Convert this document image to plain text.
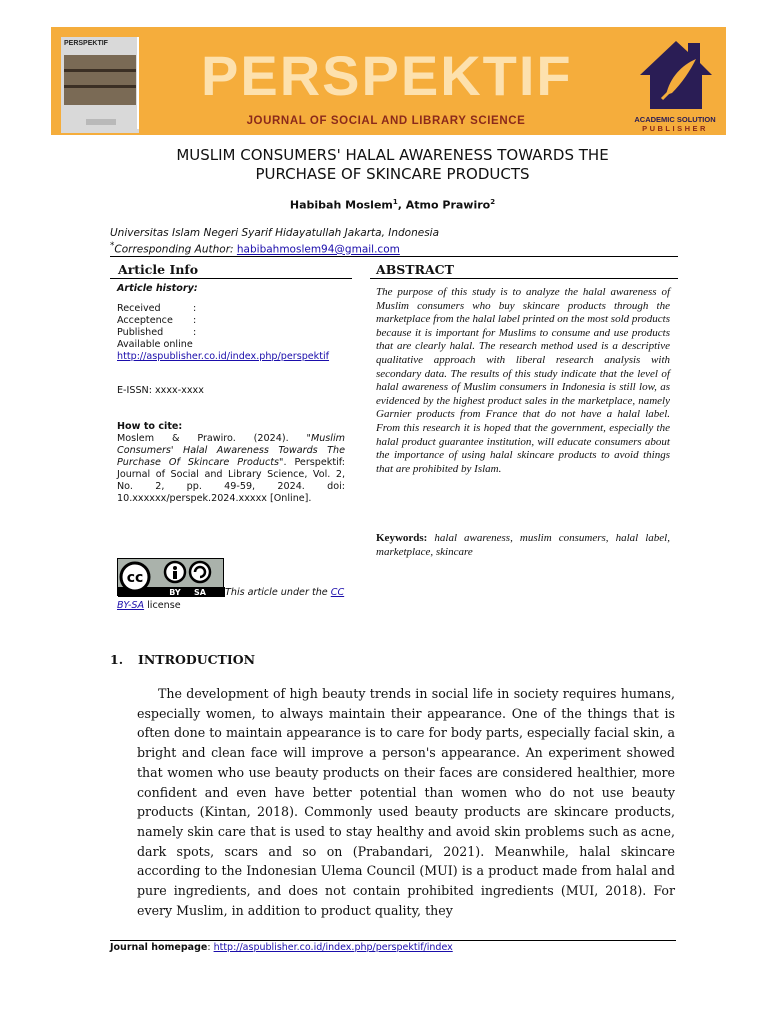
PERSPEKTIF
PERSPEKTIF
JOURNAL OF SOCIAL AND LIBRARY SCIENCE	ACADEMIC SOLUTION
PUBLISHER
MUSLIM CONSUMERS' HALAL AWARENESS TOWARDS THE
PURCHASE OF SKINCARE PRODUCTS
Habibah Moslem$^1$, Atmo Prawiro$^2$
Universitas Islam Negeri Syarif Hidayatullah Jakarta, Indonesia
*Corresponding Author: habibahmoslem94@gmail.com
Article Info	ABSTRACT
Article history:
Received	:
Acceptence	:
Published	:
Available online
http://aspublisher.co.id/index.php/perspektif
E-ISSN: xxxx-xxxx
How to cite:
Moslem & Prawiro. (2024). "Muslim Consumers' Halal Awareness Towards The Purchase Of Skincare Products". Perspektif: Journal of Social and Library Science, Vol. 2, No. 2, pp. 49-59, 2024. doi: 10.xxxxxx/perspek.2024.xxxxx [Online].
cc
BY SA	This article under the CC
BY-SA license
The purpose of this study is to analyze the halal awareness of Muslim consumers who buy skincare products through the marketplace from the halal label printed on the most sold products because it is important for Muslims to consume and use products that are clearly halal. The research method used is a descriptive qualitative approach with liberal research analysis with secondary data. The results of this study indicate that the level of halal awareness of Muslim consumers in Indonesia is still low, as evidenced by the highest product sales in the marketplace, namely Garnier products from France that do not have a halal label. From this research it is hoped that the government, especially the halal product guarantee institution, will educate consumers about the importance of using halal skincare products to avoid things that are prohibited by Islam.
Keywords: halal awareness, muslim consumers, halal label, marketplace, skincare
1. INTRODUCTION
The development of high beauty trends in social life in society requires humans, especially women, to always maintain their appearance. One of the things that is often done to maintain appearance is to care for body parts, especially facial skin, a bright and clean face will improve a person's appearance. An experiment showed that women who use beauty products on their faces are considered healthier, more confident and even have better potential than women who do not use beauty products (Kintan, 2018). Commonly used beauty products are skincare products, namely skin care that is used to stay healthy and avoid skin problems such as acne, dark spots, scars and so on (Prabandari, 2021). Meanwhile, halal skincare according to the Indonesian Ulema Council (MUI) is a product made from halal and pure ingredients, and does not contain prohibited ingredients (MUI, 2018). For every Muslim, in addition to product quality, they
Journal homepage: http://aspublisher.co.id/index.php/perspektif/index
